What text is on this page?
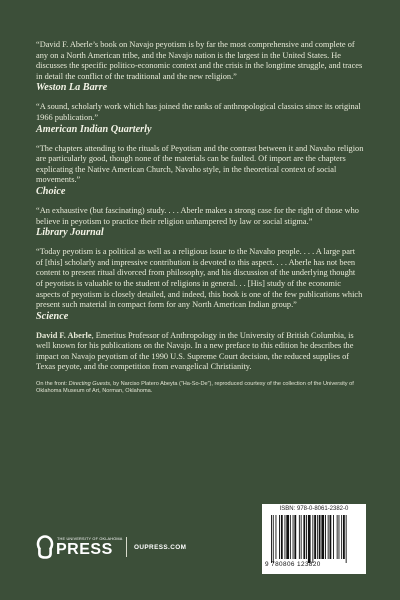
“David F. Aberle’s book on Navajo peyotism is by far the most comprehensive and complete of any on a North American tribe, and the Navajo nation is the largest in the United States. He discusses the specific politico-economic context and the crisis in the longtime struggle, and traces in detail the conflict of the traditional and the new religion.”

Weston La Barre

“A sound, scholarly work which has joined the ranks of anthropological classics since its original 1966 publication.”

American Indian Quarterly

“The chapters attending to the rituals of Peyotism and the contrast between it and Navaho religion are particularly good, though none of the materials can be faulted. Of import are the chapters explicating the Native American Church, Navaho style, in the theoretical context of social movements.”

Choice

“An exhaustive (but fascinating) study. . . . Aberle makes a strong case for the right of those who believe in peyotism to practice their religion unhampered by law or social stigma.”

Library Journal

“Today peyotism is a political as well as a religious issue to the Navaho people. . . . A large part of [this] scholarly and impressive contribution is devoted to this aspect. . . . Aberle has not been content to present ritual divorced from philosophy, and his discussion of the underlying thought of peyotists is valuable to the student of religions in general. . . [His] study of the economic aspects of peyotism is closely detailed, and indeed, this book is one of the few publications which present such material in compact form for any North American Indian group.”

Science

David F. Aberle, Emeritus Professor of Anthropology in the University of British Columbia, is well known for his publications on the Navajo. In a new preface to this edition he describes the impact on Navajo peyotism of the 1990 U.S. Supreme Court decision, the reduced supplies of Texas peyote, and the competition from evangelical Christianity.

On the front: Directing Guests, by Narciso Platero Abeyta (“Ha-So-De”), reproduced courtesy of the collection of the University of Oklahoma Museum of Art, Norman, Oklahoma.

THE UNIVERSITY OF OKLAHOMA
PRESS	OUPRESS.COM
ISBN: 978-0-8061-2382-0
9 780806 123820
